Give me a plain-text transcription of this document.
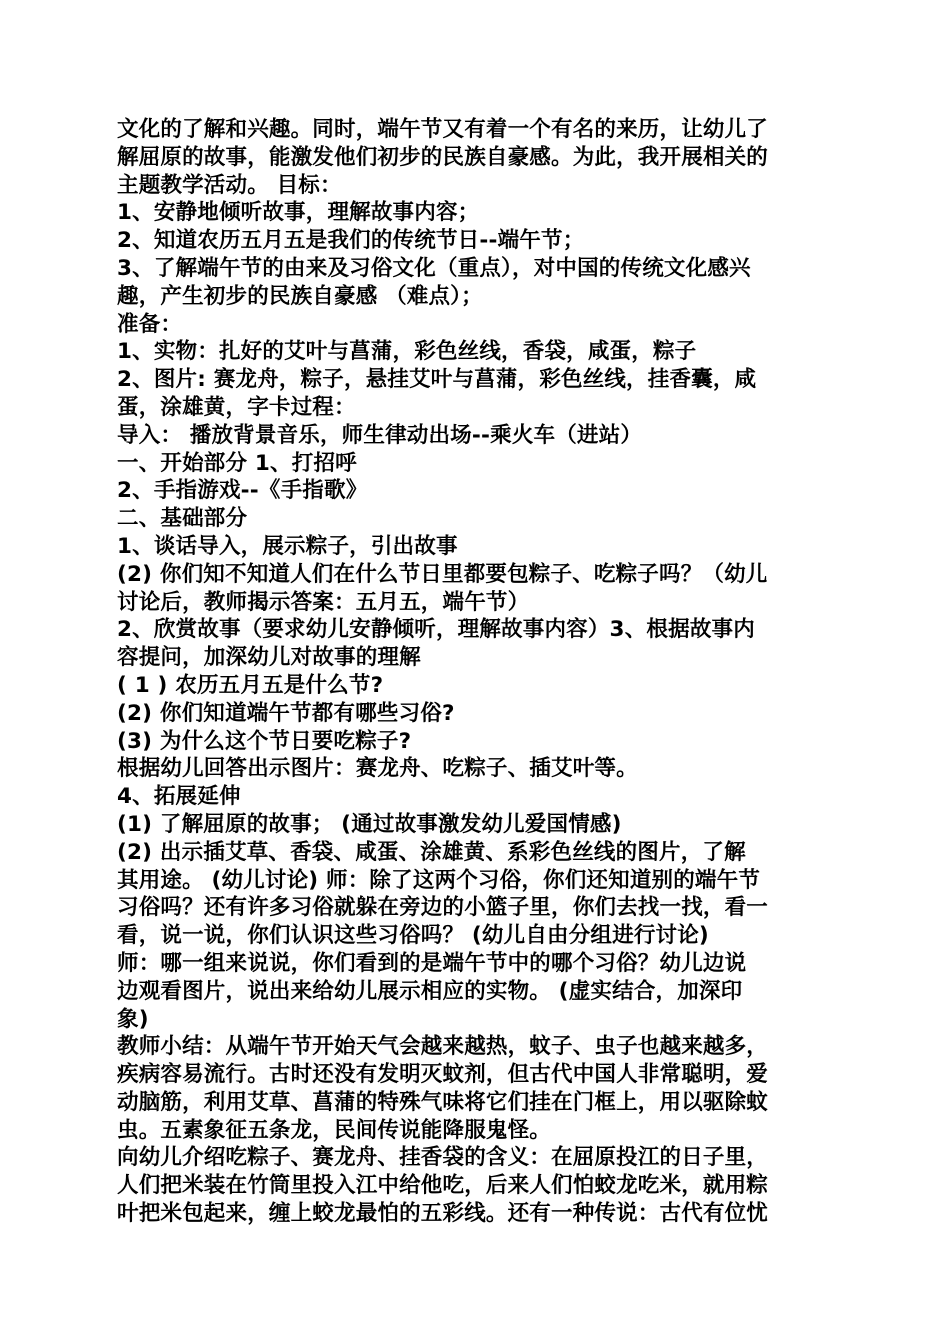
文化的了解和兴趣。同时，端午节又有着一个有名的来历，让幼儿了
解屈原的故事，能激发他们初步的民族自豪感。为此，我开展相关的
主题教学活动。 目标：
1、安静地倾听故事，理解故事内容；
2、知道农历五月五是我们的传统节日--端午节；
3、了解端午节的由来及习俗文化（重点），对中国的传统文化感兴
趣，产生初步的民族自豪感 （难点）；
准备：
1、实物：扎好的艾叶与菖蒲，彩色丝线，香袋，咸蛋，粽子
2、图片: 赛龙舟，粽子，悬挂艾叶与菖蒲，彩色丝线，挂香囊，咸
蛋，涂雄黄，字卡过程：
导入： 播放背景音乐，师生律动出场--乘火车（进站）
一、开始部分 1、打招呼
2、手指游戏--《手指歌》
二、基础部分
1、谈话导入，展示粽子，引出故事
(2) 你们知不知道人们在什么节日里都要包粽子、吃粽子吗？（幼儿
讨论后，教师揭示答案：五月五，端午节）
2、欣赏故事（要求幼儿安静倾听，理解故事内容）3、根据故事内
容提问，加深幼儿对故事的理解
( 1 ) 农历五月五是什么节?
(2) 你们知道端午节都有哪些习俗?
(3) 为什么这个节日要吃粽子?
根据幼儿回答出示图片：赛龙舟、吃粽子、插艾叶等。
4、拓展延伸
(1) 了解屈原的故事； (通过故事激发幼儿爱国情感)
(2) 出示插艾草、香袋、咸蛋、涂雄黄、系彩色丝线的图片，了解
其用途。 (幼儿讨论) 师：除了这两个习俗，你们还知道别的端午节
习俗吗？还有许多习俗就躲在旁边的小篮子里，你们去找一找，看一
看，说一说，你们认识这些习俗吗？ (幼儿自由分组进行讨论)
师：哪一组来说说，你们看到的是端午节中的哪个习俗？幼儿边说
边观看图片，说出来给幼儿展示相应的实物。 (虚实结合，加深印
象)
教师小结：从端午节开始天气会越来越热，蚊子、虫子也越来越多，
疾病容易流行。古时还没有发明灭蚊剂，但古代中国人非常聪明，爱
动脑筋，利用艾草、菖蒲的特殊气味将它们挂在门框上，用以驱除蚊
虫。五素象征五条龙，民间传说能降服鬼怪。
向幼儿介绍吃粽子、赛龙舟、挂香袋的含义：在屈原投江的日子里，
人们把米装在竹筒里投入江中给他吃，后来人们怕蛟龙吃米，就用粽
叶把米包起来，缠上蛟龙最怕的五彩线。还有一种传说：古代有位忧
